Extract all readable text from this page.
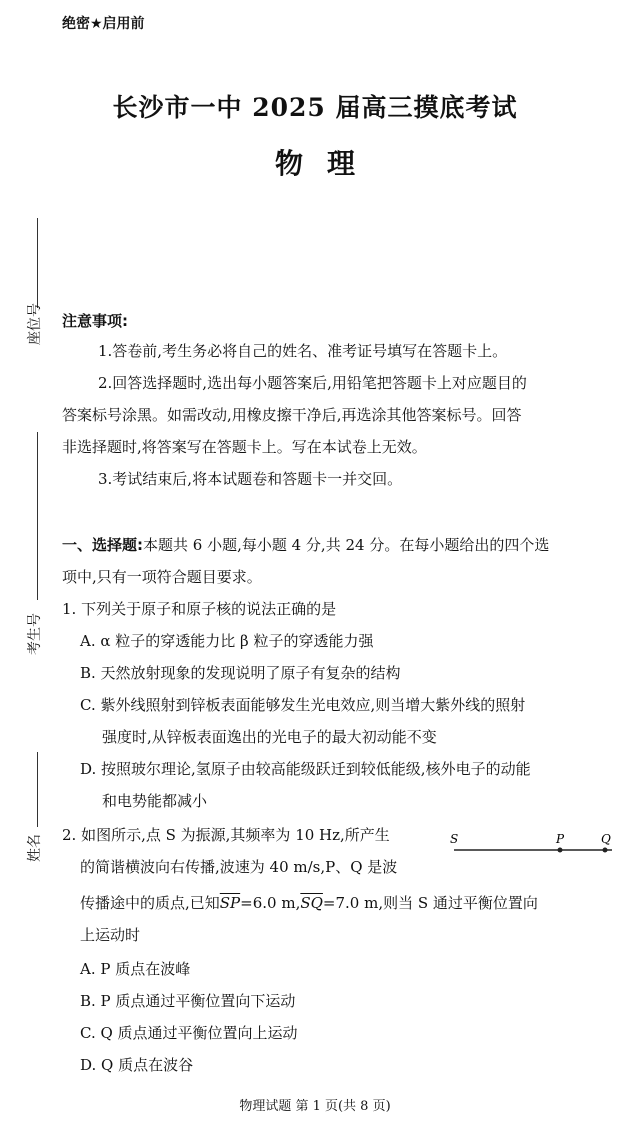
绝密★启用前
长沙市一中 2025 届高三摸底考试
物理
座位号
考生号
姓名
注意事项:
1.答卷前,考生务必将自己的姓名、准考证号填写在答题卡上。
2.回答选择题时,选出每小题答案后,用铅笔把答题卡上对应题目的
答案标号涂黑。如需改动,用橡皮擦干净后,再选涂其他答案标号。回答
非选择题时,将答案写在答题卡上。写在本试卷上无效。
3.考试结束后,将本试题卷和答题卡一并交回。
一、选择题:本题共 6 小题,每小题 4 分,共 24 分。在每小题给出的四个选
项中,只有一项符合题目要求。
1. 下列关于原子和原子核的说法正确的是
A. α 粒子的穿透能力比 β 粒子的穿透能力强
B. 天然放射现象的发现说明了原子有复杂的结构
C. 紫外线照射到锌板表面能够发生光电效应,则当增大紫外线的照射
强度时,从锌板表面逸出的光电子的最大初动能不变
D. 按照玻尔理论,氢原子由较高能级跃迁到较低能级,核外电子的动能
和电势能都减小
2. 如图所示,点 S 为振源,其频率为 10 Hz,所产生
的简谐横波向右传播,波速为 40 m/s,P、Q 是波
传播途中的质点,已知$\overline{SP}=6.0$ $m,\overline{SQ}=7.0$ m,则当 S 通过平衡位置向
上运动时
A. P 质点在波峰
B. P 质点通过平衡位置向下运动
C. Q 质点通过平衡位置向上运动
D. Q 质点在波谷
S	P	Q
物理试题 第 1 页(共 8 页)
